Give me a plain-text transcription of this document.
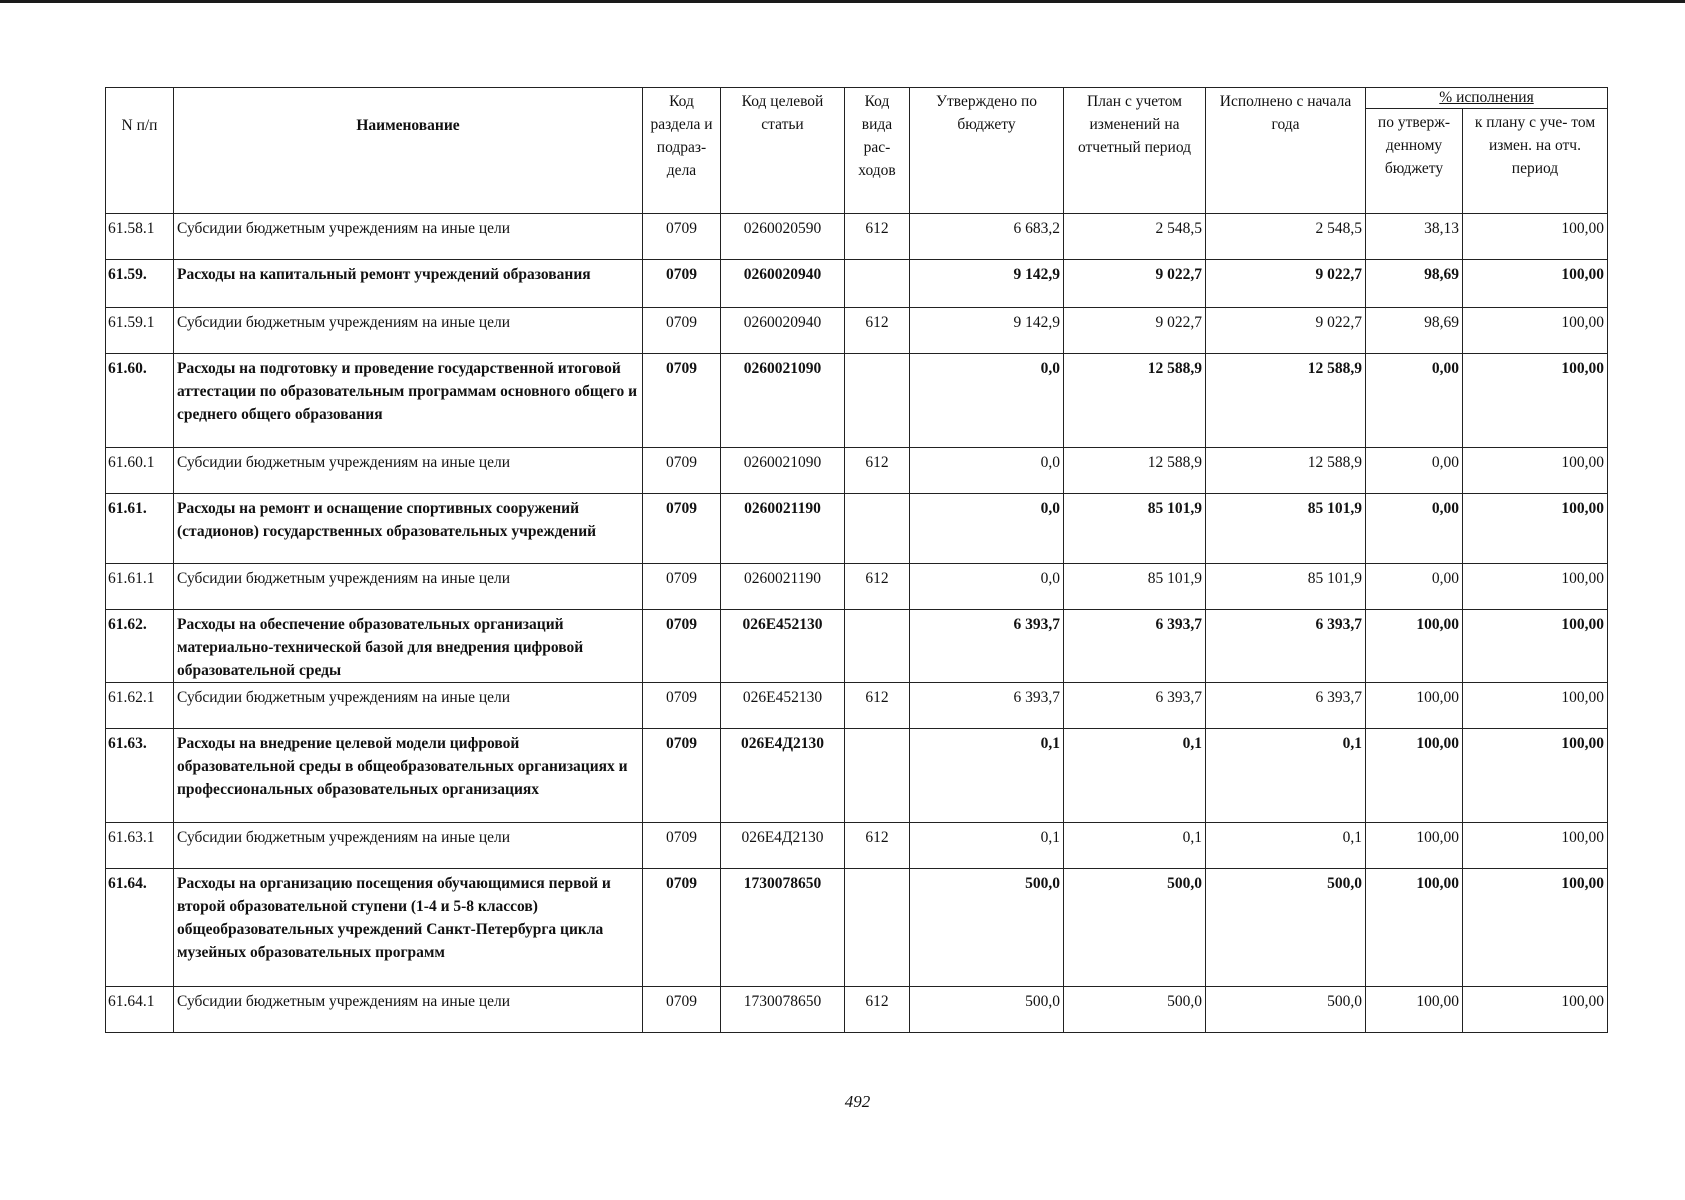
N п/п	Наименование	Код раздела и подраз- дела	Код целевой статьи	Код вида рас- ходов	Утверждено по бюджету	План с учетом изменений на отчетный период	Исполнено с начала года	% исполнения	
								по утверж- денному бюджету	к плану с уче- том измен. на отч. период
61.58.1	Субсидии бюджетным учреждениям на иные цели	0709	0260020590	612	6 683,2	2 548,5	2 548,5	38,13	100,00
61.59.	Расходы на капитальный ремонт учреждений образования	0709	0260020940		9 142,9	9 022,7	9 022,7	98,69	100,00
61.59.1	Субсидии бюджетным учреждениям на иные цели	0709	0260020940	612	9 142,9	9 022,7	9 022,7	98,69	100,00
61.60.	Расходы на подготовку и проведение государственной итоговой аттестации по образовательным программам основного общего и среднего общего образования	0709	0260021090		0,0	12 588,9	12 588,9	0,00	100,00
61.60.1	Субсидии бюджетным учреждениям на иные цели	0709	0260021090	612	0,0	12 588,9	12 588,9	0,00	100,00
61.61.	Расходы на ремонт и оснащение спортивных сооружений (стадионов) государственных образовательных учреждений	0709	0260021190		0,0	85 101,9	85 101,9	0,00	100,00
61.61.1	Субсидии бюджетным учреждениям на иные цели	0709	0260021190	612	0,0	85 101,9	85 101,9	0,00	100,00
61.62.	Расходы на обеспечение образовательных организаций материально-технической базой для внедрения цифровой образовательной среды	0709	026E452130		6 393,7	6 393,7	6 393,7	100,00	100,00
61.62.1	Субсидии бюджетным учреждениям на иные цели	0709	026E452130	612	6 393,7	6 393,7	6 393,7	100,00	100,00
61.63.	Расходы на внедрение целевой модели цифровой образовательной среды в общеобразовательных организациях и профессиональных образовательных организациях	0709	026E4Д2130		0,1	0,1	0,1	100,00	100,00
61.63.1	Субсидии бюджетным учреждениям на иные цели	0709	026E4Д2130	612	0,1	0,1	0,1	100,00	100,00
61.64.	Расходы на организацию посещения обучающимися первой и второй образовательной ступени (1-4 и 5-8 классов) общеобразовательных учреждений Санкт-Петербурга цикла музейных образовательных программ	0709	1730078650		500,0	500,0	500,0	100,00	100,00
61.64.1	Субсидии бюджетным учреждениям на иные цели	0709	1730078650	612	500,0	500,0	500,0	100,00	100,00
492
